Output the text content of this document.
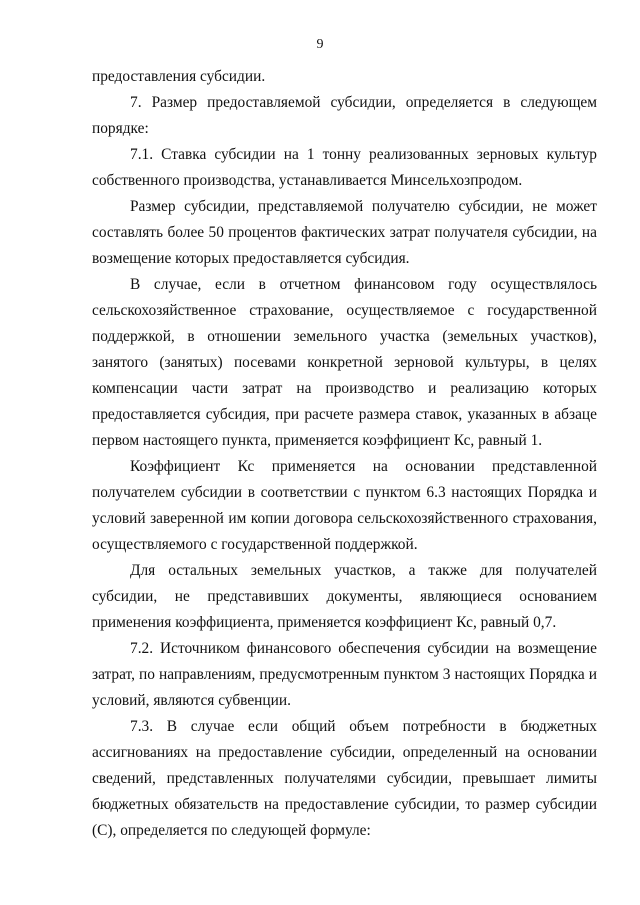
9

предоставления субсидии.

7. Размер предоставляемой субсидии, определяется в следующем порядке:

7.1. Ставка субсидии на 1 тонну реализованных зерновых культур собственного производства, устанавливается Минсельхозпродом.

Размер субсидии, представляемой получателю субсидии, не может составлять более 50 процентов фактических затрат получателя субсидии, на возмещение которых предоставляется субсидия.

В случае, если в отчетном финансовом году осуществлялось сельскохозяйственное страхование, осуществляемое с государственной поддержкой, в отношении земельного участка (земельных участков), занятого (занятых) посевами конкретной зерновой культуры, в целях компенсации части затрат на производство и реализацию которых предоставляется субсидия, при расчете размера ставок, указанных в абзаце первом настоящего пункта, применяется коэффициент Кс, равный 1.

Коэффициент Кс применяется на основании представленной получателем субсидии в соответствии с пунктом 6.3 настоящих Порядка и условий заверенной им копии договора сельскохозяйственного страхования, осуществляемого с государственной поддержкой.

Для остальных земельных участков, а также для получателей субсидии, не представивших документы, являющиеся основанием применения коэффициента, применяется коэффициент Кс, равный 0,7.

7.2. Источником финансового обеспечения субсидии на возмещение затрат, по направлениям, предусмотренным пунктом 3 настоящих Порядка и условий, являются субвенции.

7.3. В случае если общий объем потребности в бюджетных ассигнованиях на предоставление субсидии, определенный на основании сведений, представленных получателями субсидии, превышает лимиты бюджетных обязательств на предоставление субсидии, то размер субсидии (С), определяется по следующей формуле:
